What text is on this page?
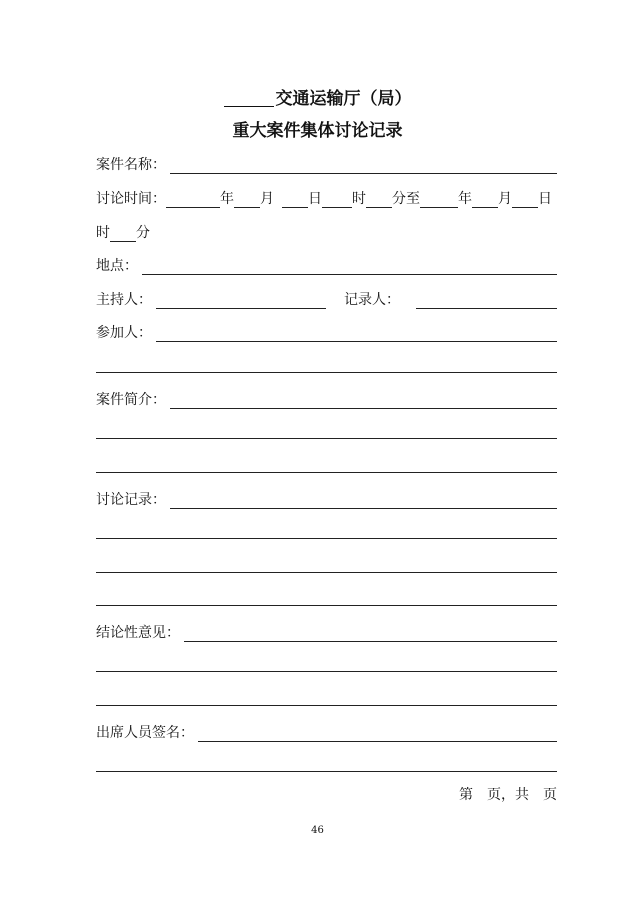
交通运输厅（局）
重大案件集体讨论记录
案件名称：
讨论时间：	年 月 日 时 分至	年 月 日
时 分
地点：
主持人：	记录人：
参加人：
案件简介：
讨论记录：
结论性意见：
出席人员签名：
第　页，共　页
46
